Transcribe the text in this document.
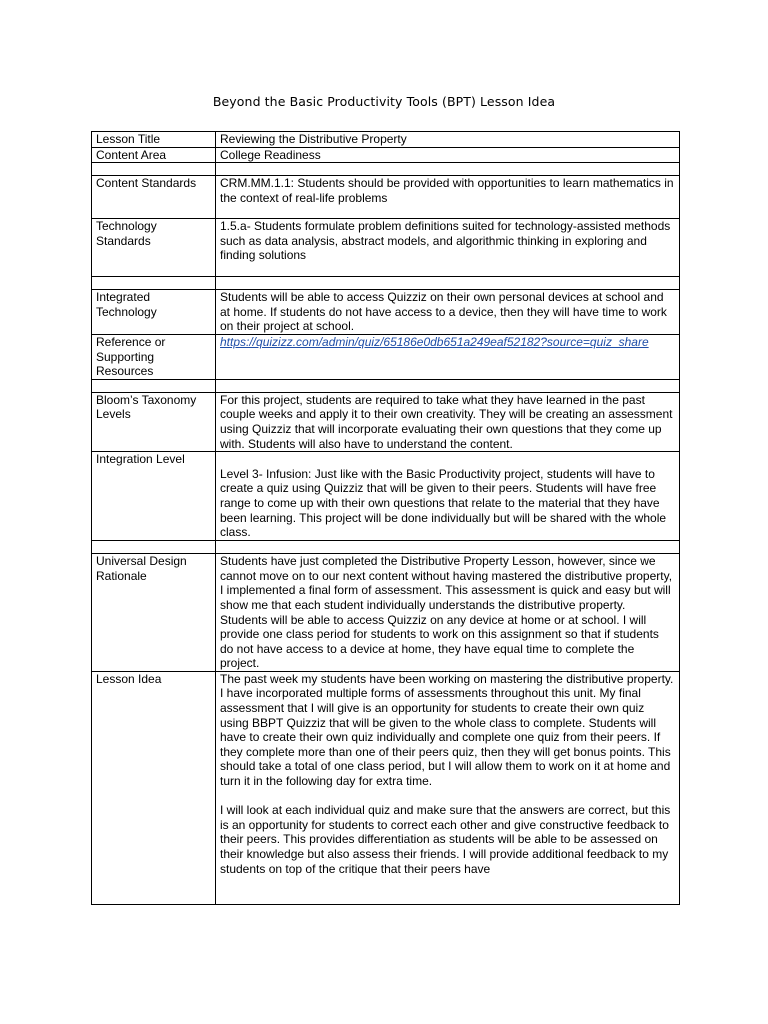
Beyond the Basic Productivity Tools (BPT) Lesson Idea
Lesson Title	Reviewing the Distributive Property
Content Area	College Readiness

Content Standards	CRM.MM.1.1: Students should be provided with opportunities to learn mathematics in the context of real-life problems
Technology Standards	1.5.a- Students formulate problem definitions suited for technology-assisted methods such as data analysis, abstract models, and algorithmic thinking in exploring and finding solutions

Integrated Technology	Students will be able to access Quizziz on their own personal devices at school and at home. If students do not have access to a device, then they will have time to work on their project at school.
Reference or Supporting Resources	https://quizizz.com/admin/quiz/65186e0db651a249eaf52182?source=quiz_share

Bloom’s Taxonomy Levels	For this project, students are required to take what they have learned in the past couple weeks and apply it to their own creativity. They will be creating an assessment using Quizziz that will incorporate evaluating their own questions that they come up with. Students will also have to understand the content.
Integration Level	Level 3- Infusion: Just like with the Basic Productivity project, students will have to create a quiz using Quizziz that will be given to their peers. Students will have free range to come up with their own questions that relate to the material that they have been learning. This project will be done individually but will be shared with the whole class.

Universal Design Rationale	Students have just completed the Distributive Property Lesson, however, since we cannot move on to our next content without having mastered the distributive property, I implemented a final form of assessment. This assessment is quick and easy but will show me that each student individually understands the distributive property. Students will be able to access Quizziz on any device at home or at school. I will provide one class period for students to work on this assignment so that if students do not have access to a device at home, they have equal time to complete the project.
Lesson Idea	The past week my students have been working on mastering the distributive property. I have incorporated multiple forms of assessments throughout this unit. My final assessment that I will give is an opportunity for students to create their own quiz using BBPT Quizziz that will be given to the whole class to complete. Students will have to create their own quiz individually and complete one quiz from their peers. If they complete more than one of their peers quiz, then they will get bonus points. This should take a total of one class period, but I will allow them to work on it at home and turn it in the following day for extra time.
I will look at each individual quiz and make sure that the answers are correct, but this is an opportunity for students to correct each other and give constructive feedback to their peers. This provides differentiation as students will be able to be assessed on their knowledge but also assess their friends. I will provide additional feedback to my students on top of the critique that their peers have
